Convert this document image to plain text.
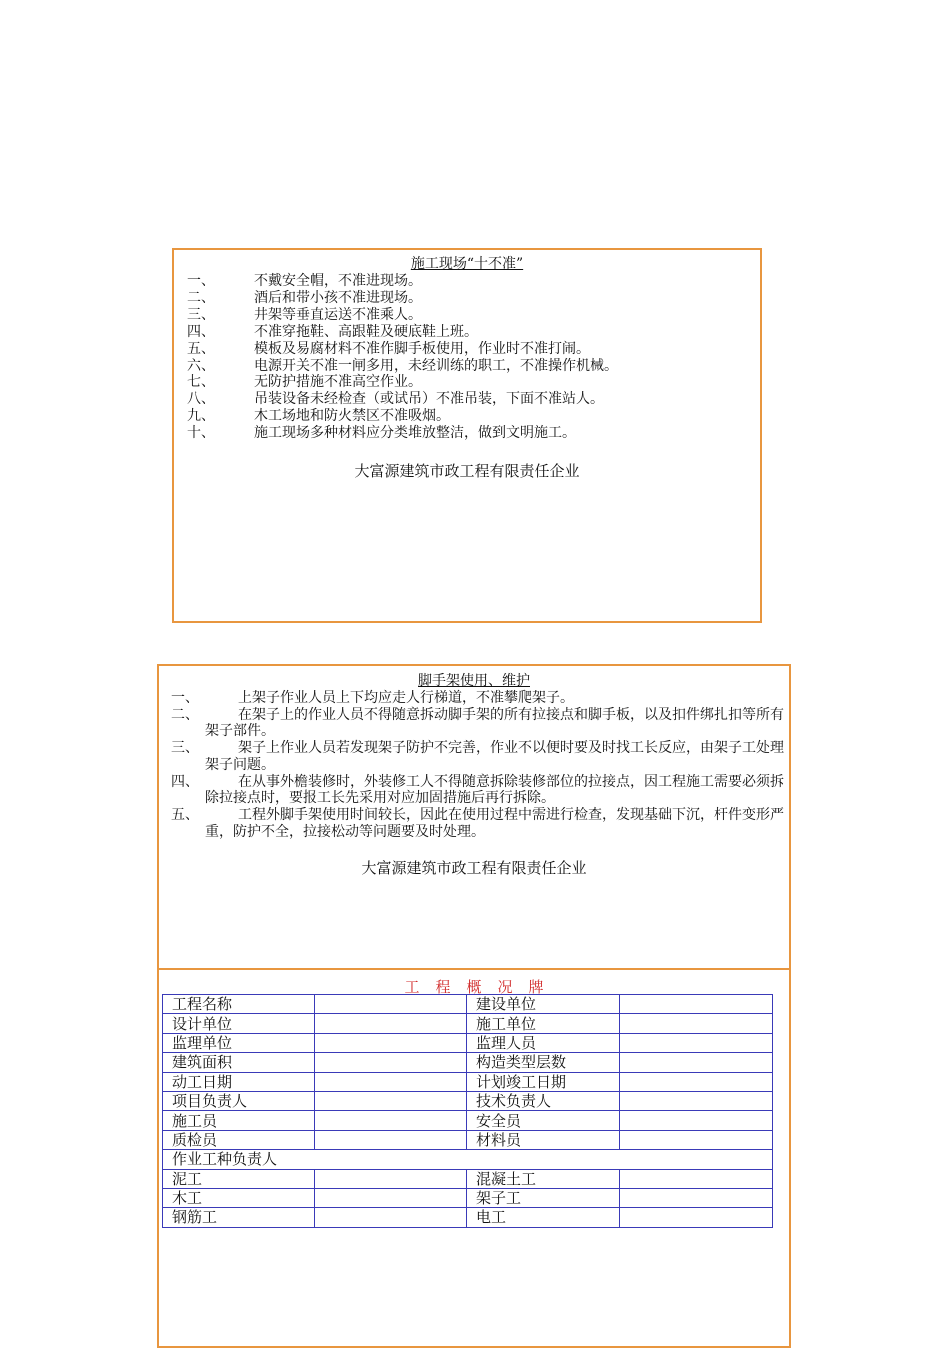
施工现场“十不准”
一、	不戴安全帽，不准进现场。
二、	酒后和带小孩不准进现场。
三、	井架等垂直运送不准乘人。
四、	不准穿拖鞋、高跟鞋及硬底鞋上班。
五、	模板及易腐材料不准作脚手板使用，作业时不准打闹。
六、	电源开关不准一闸多用，未经训练的职工，不准操作机械。
七、	无防护措施不准高空作业。
八、	吊装设备未经检查（或试吊）不准吊装，下面不准站人。
九、	木工场地和防火禁区不准吸烟。
十、	施工现场多种材料应分类堆放整洁，做到文明施工。
大富源建筑市政工程有限责任企业
脚手架使用、维护
一、	上架子作业人员上下均应走人行梯道，不准攀爬架子。
二、	在架子上的作业人员不得随意拆动脚手架的所有拉接点和脚手板，以及扣件绑扎扣等所有架子部件。
三、	架子上作业人员若发现架子防护不完善，作业不以便时要及时找工长反应，由架子工处理架子问题。
四、	在从事外檐装修时，外装修工人不得随意拆除装修部位的拉接点，因工程施工需要必须拆除拉接点时，要报工长先采用对应加固措施后再行拆除。
五、	工程外脚手架使用时间较长，因此在使用过程中需进行检查，发现基础下沉，杆件变形严重，防护不全，拉接松动等问题要及时处理。
大富源建筑市政工程有限责任企业
工程概况牌
工程名称		建设单位	
设计单位		施工单位	
监理单位		监理人员	
建筑面积		构造类型层数	
动工日期		计划竣工日期	
项目负责人		技术负责人	
施工员		安全员	
质检员		材料员	
作业工种负责人			
泥工		混凝土工	
木工		架子工	
钢筋工		电工	
